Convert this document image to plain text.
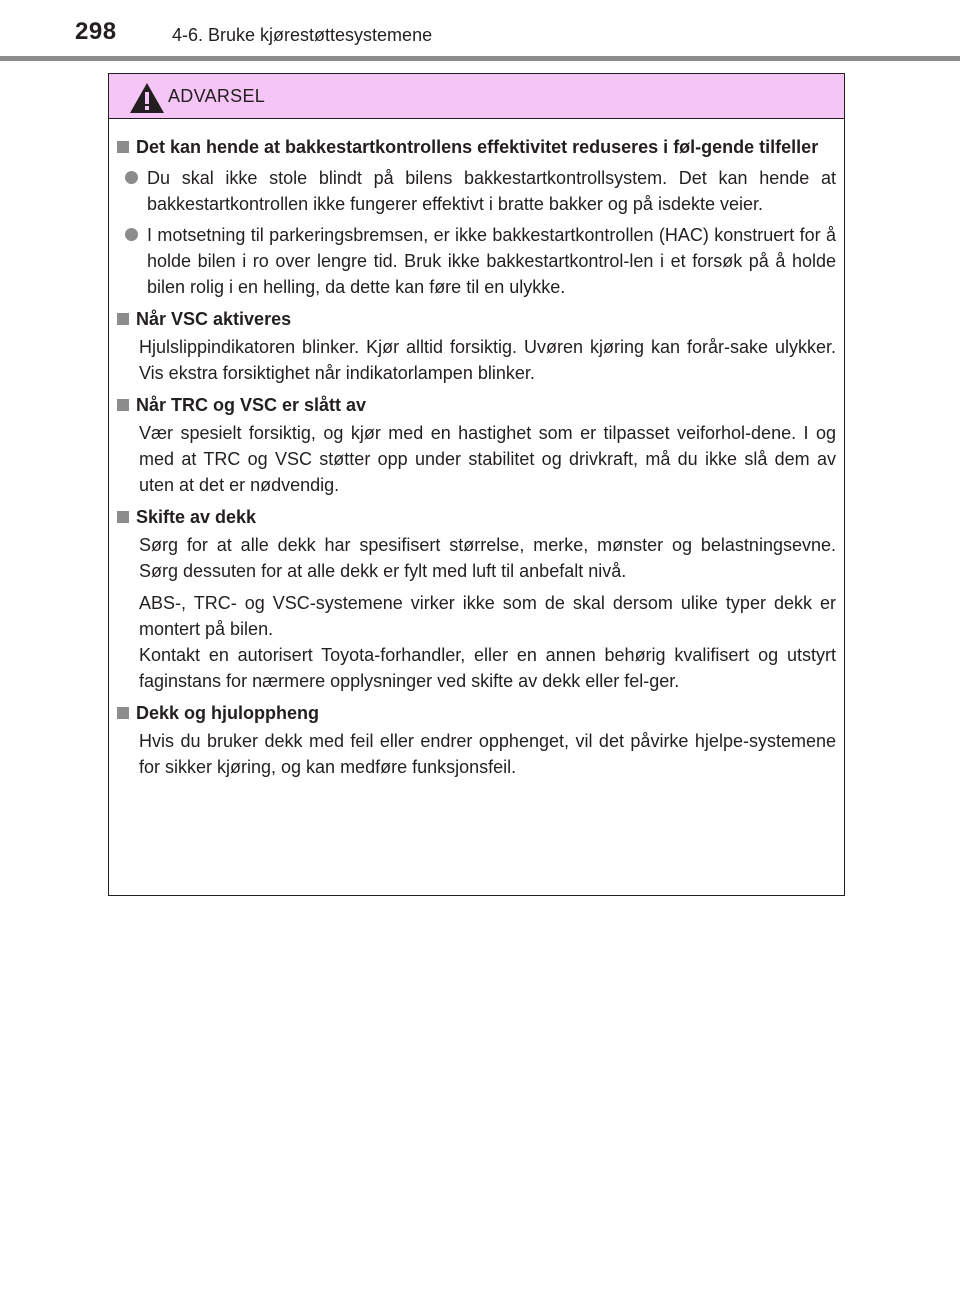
298	4-6. Bruke kjørestøttesystemene
ADVARSEL
Det kan hende at bakkestartkontrollens effektivitet reduseres i føl-gende tilfeller
Du skal ikke stole blindt på bilens bakkestartkontrollsystem. Det kan hende at bakkestartkontrollen ikke fungerer effektivt i bratte bakker og på isdekte veier.
I motsetning til parkeringsbremsen, er ikke bakkestartkontrollen (HAC) konstruert for å holde bilen i ro over lengre tid. Bruk ikke bakkestartkontrol-len i et forsøk på å holde bilen rolig i en helling, da dette kan føre til en ulykke.
Når VSC aktiveres
Hjulslippindikatoren blinker. Kjør alltid forsiktig. Uvøren kjøring kan forår-sake ulykker. Vis ekstra forsiktighet når indikatorlampen blinker.
Når TRC og VSC er slått av
Vær spesielt forsiktig, og kjør med en hastighet som er tilpasset veiforhol-dene. I og med at TRC og VSC støtter opp under stabilitet og drivkraft, må du ikke slå dem av uten at det er nødvendig.
Skifte av dekk
Sørg for at alle dekk har spesifisert størrelse, merke, mønster og belastningsevne. Sørg dessuten for at alle dekk er fylt med luft til anbefalt nivå.
ABS-, TRC- og VSC-systemene virker ikke som de skal dersom ulike typer dekk er montert på bilen.
Kontakt en autorisert Toyota-forhandler, eller en annen behørig kvalifisert og utstyrt faginstans for nærmere opplysninger ved skifte av dekk eller fel-ger.
Dekk og hjuloppheng
Hvis du bruker dekk med feil eller endrer opphenget, vil det påvirke hjelpe-systemene for sikker kjøring, og kan medføre funksjonsfeil.
